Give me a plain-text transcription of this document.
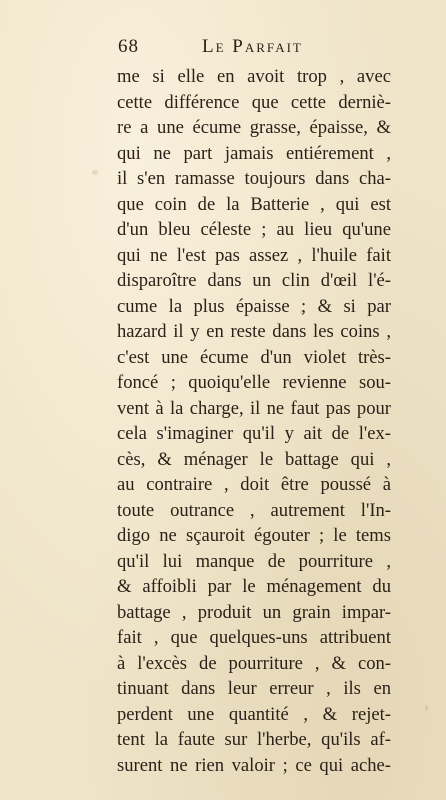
68	Le Parfait
me si elle en avoit trop , avec
cette différence que cette derniè-
re a une écume grasse, épaisse, &
qui ne part jamais entiérement ,
il s'en ramasse toujours dans cha-
que coin de la Batterie , qui est
d'un bleu céleste ; au lieu qu'une
qui ne l'est pas assez , l'huile fait
disparoître dans un clin d'œil l'é-
cume la plus épaisse ; & si par
hazard il y en reste dans les coins ,
c'est une écume d'un violet très-
foncé ; quoiqu'elle revienne sou-
vent à la charge, il ne faut pas pour
cela s'imaginer qu'il y ait de l'ex-
cès, & ménager le battage qui ,
au contraire , doit être poussé à
toute outrance , autrement l'In-
digo ne sçauroit égouter ; le tems
qu'il lui manque de pourriture ,
& affoibli par le ménagement du
battage , produit un grain impar-
fait , que quelques-uns attribuent
à l'excès de pourriture , & con-
tinuant dans leur erreur , ils en
perdent une quantité , & rejet-
tent la faute sur l'herbe, qu'ils af-
surent ne rien valoir ; ce qui ache-
